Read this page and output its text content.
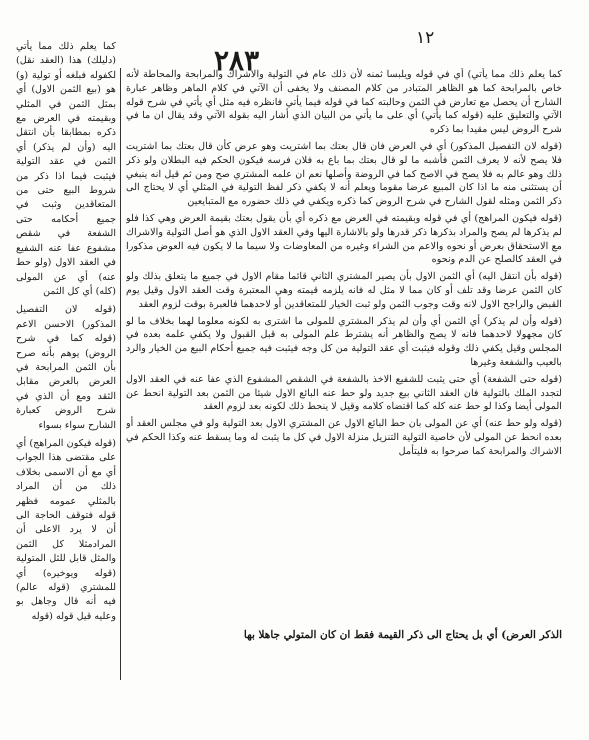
١٢
٢٨٣

كما يعلم ذلك مما يأتي (دليلك) هذا (العقد نقل) لكفوله فبلغه أو تولية (و) هو (بيع الثمن الاول) أي بمثل الثمن في المثلي وبقيمته في العرض مع ذكره بمطابقا بأن انتقل اليه (وأن لم يذكر) أي الثمن في عقد التولية فيثبت فيما اذا ذكر من شروط البيع حتى من المتعاقدين وثبت في جميع أحكامه حتى الشفعة في شقص مشفوع عفا عنه الشفيع في العقد الاول (ولو حط عنه) أي عن المولى (كله) أي كل الثمن

(قوله لان التفصيل المذكور) الاحسن الاعم (قوله كما في شرح الروض) يوهم بأنه صرح بأن الثمن المرابحة في العرض بالعرض مقابل الثقد ومع أن الذي في شرح الروض كعبارة الشارح سواء بسواء

(قوله فيكون المراهج) أي على مقتضى هذا الجواب أي مع أن الاسمى بخلاف ذلك من أن المراد بالمثلي عمومه فظهر قوله فتوقف الحاجة الى أن لا يرد الاعلى أن المرادمثلا كل الثمن والمثل قابل للثل المتولية (قوله ويوخيره) أي للمشتري (قوله عالم) فيه أنه قال وجاهل بو وعليه قيل قوله (قوله

كما يعلم ذلك مما يأتي) أي في قوله ويلبسا ثمنه لأن ذلك عام في التولية والاشراك والمرابحة والمحاطة لأنه خاص بالمرابحة كما هو الظاهر المتبادر من كلام المصنف ولا يخفى أن الآتي في كلام الماهر وظاهر عبارة الشارح أن يحصل مع تعارض في الثمن وحالبته كما في قوله فيما يأتي فانظره فيه مثل أي يأتي في شرح قوله الآتي والتعليق عليه (قوله كما يأتي) أي على ما يأتي من البيان الذي أشار اليه بقوله الآتي وقد يقال ان ما في شرح الروض ليس مقيدا بما ذكره

(قوله لان التفصيل المذكور) أي في العرض فان قال بعتك بما اشتريت وهو عرض كأن قال بعتك بما اشتريت فلا يصح لأنه لا يعرف الثمن فأشبه ما لو قال بعتك بما باع به فلان فرسه فيكون الحكم فيه البطلان ولو ذكر ذلك وهو عالم به فلا يصح في الاصح كما في الروضة وأصلها نعم ان علمه المشتري صح ومن ثم قيل انه ينبغي أن يستثنى منه ما اذا كان المبيع عرضا مقوما ويعلم أنه لا يكفي ذكر لفظ التولية في المثلي أي لا يحتاج الى ذكر الثمن ومثله لقول الشارح في شرح الروض كما ذكره ويكفي في ذلك حضوره مع المتبايعين

(قوله فيكون المراهج) أي في قوله وبقيمته في العرض مع ذكره أي بأن يقول بعتك بقيمة العرض وهي كذا فلو لم يذكرها لم يصح والمراد بذكرها ذكر قدرها ولو بالاشارة اليها وفي العقد الاول الذي هو أصل التولية والاشراك مع الاستحقاق بعرض أو نحوه والاعم من الشراء وغيره من المعاوضات ولا سيما ما لا يكون فيه العوض مذكورا في العقد كالصلح عن الدم ونحوه

(قوله بأن انتقل اليه) أي الثمن الاول بأن يصير المشتري الثاني قائما مقام الاول في جميع ما يتعلق بذلك ولو كان الثمن عرضا وقد تلف أو كان مما لا مثل له فانه يلزمه قيمته وهي المعتبرة وقت العقد الاول وقيل يوم القبض والراجح الاول لانه وقت وجوب الثمن ولو ثبت الخيار للمتعاقدين أو لاحدهما فالعبرة بوقت لزوم العقد

(قوله وأن لم يذكر) أي الثمن أي وأن لم يذكر المشتري للمولى ما اشترى به لكونه معلوما لهما بخلاف ما لو كان مجهولا لاحدهما فانه لا يصح والظاهر أنه يشترط علم المولى به قبل القبول ولا يكفي علمه بعده في المجلس وقيل يكفي ذلك وقوله فيثبت أي عقد التولية من كل وجه فيثبت فيه جميع أحكام البيع من الخيار والرد بالعيب والشفعة وغيرها

(قوله حتى الشفعة) أي حتى يثبت للشفيع الاخذ بالشفعة في الشقص المشفوع الذي عفا عنه في العقد الاول لتجدد الملك بالتولية فان العقد الثاني بيع جديد ولو حط عنه البائع الاول شيئا من الثمن بعد التولية انحط عن المولى أيضا وكذا لو حط عنه كله كما اقتضاه كلامه وقيل لا ينحط ذلك لكونه بعد لزوم العقد

(قوله ولو حط عنه) أي عن المولى بان حط البائع الاول عن المشتري الاول بعد التولية ولو في مجلس العقد أو بعده انحط عن المولى لأن خاصية التولية التنزيل منزلة الاول في كل ما يثبت له وما يسقط عنه وكذا الحكم في الاشراك والمرابحة كما صرحوا به فليتأمل

الذكر العرض) أي بل يحتاج الى ذكر القيمة فقط ان كان المتولي جاهلا بها
